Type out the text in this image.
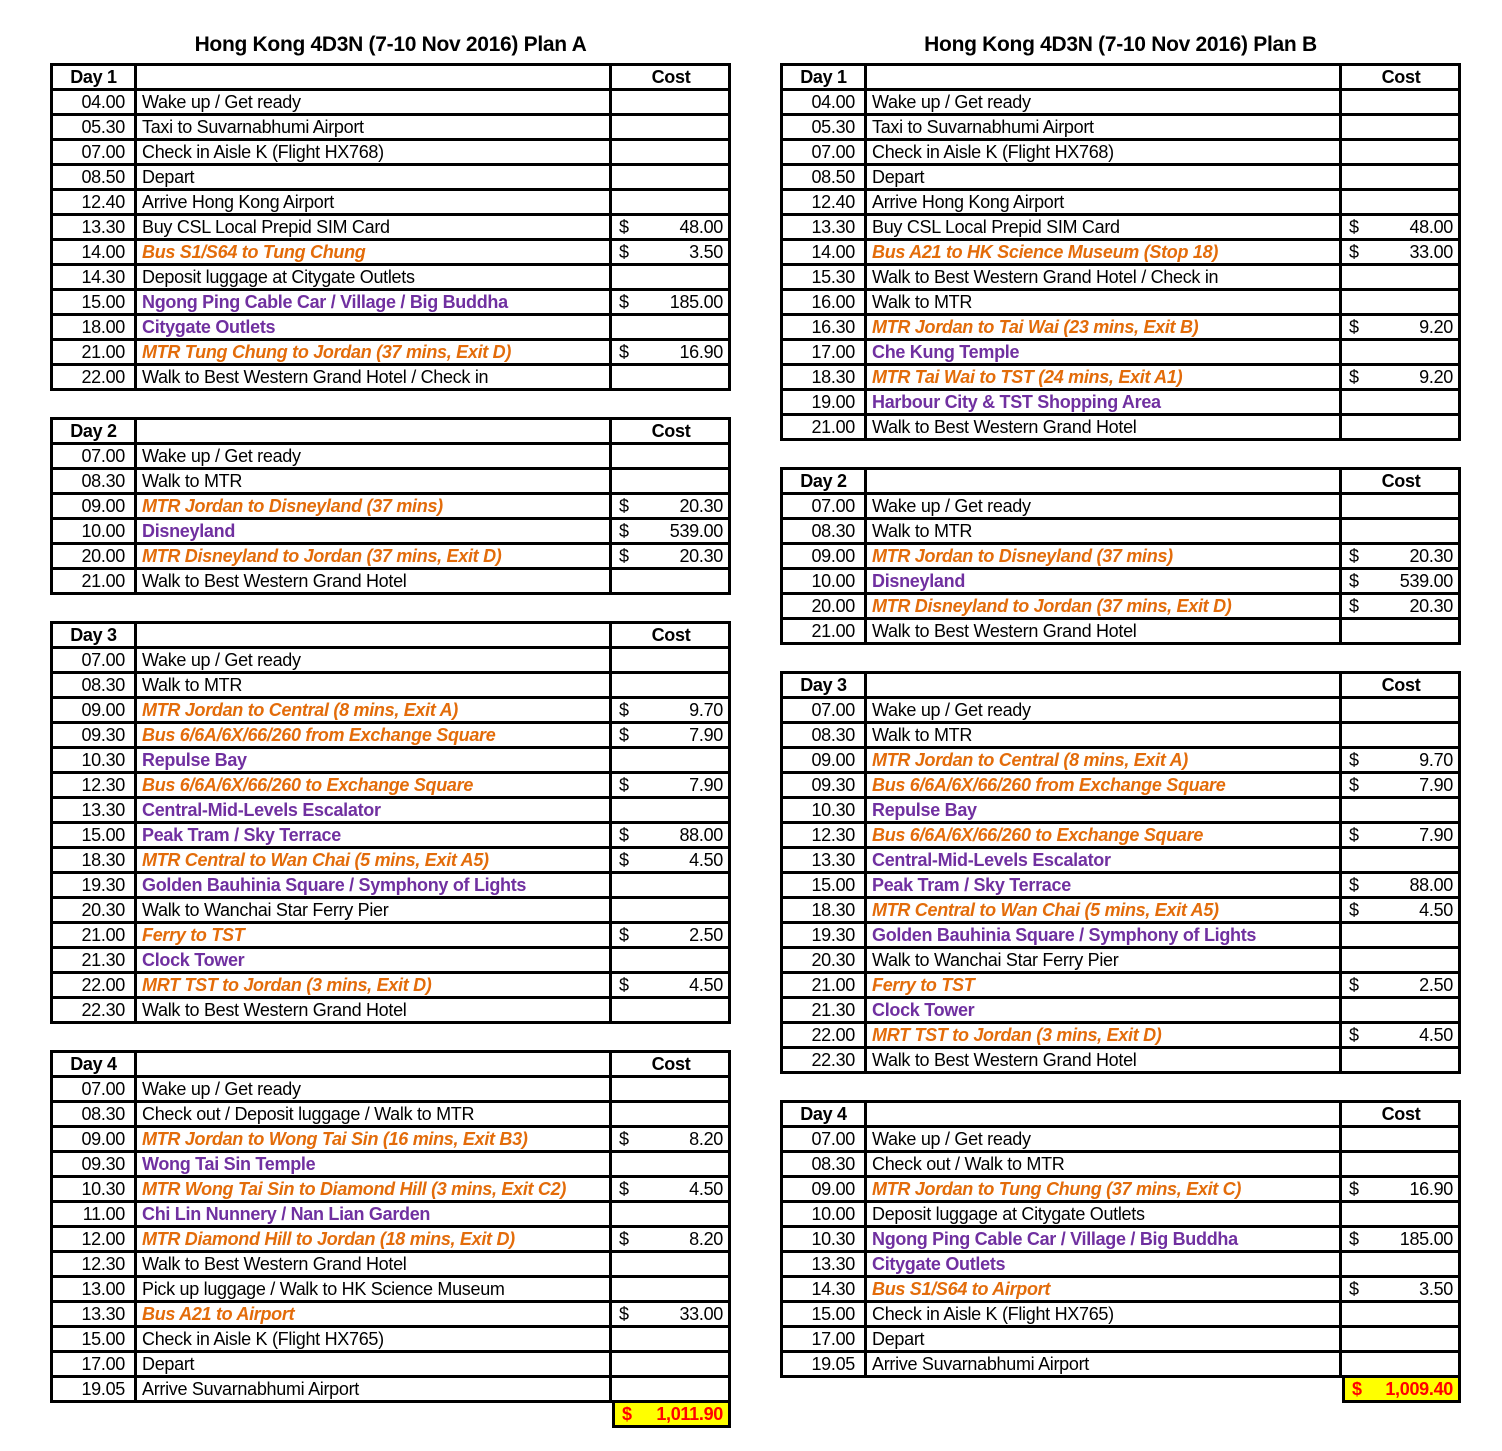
Hong Kong 4D3N (7-10 Nov 2016) Plan A
Day 1	Cost
04.00 Wake up / Get ready
05.30 Taxi to Suvarnabhumi Airport
07.00 Check in Aisle K (Flight HX768)
08.50 Depart
12.40 Arrive Hong Kong Airport
13.30 Buy CSL Local Prepid SIM Card	$	48.00
14.00 Bus S1/S64 to Tung Chung	$	3.50
14.30 Deposit luggage at Citygate Outlets
15.00 Ngong Ping Cable Car / Village / Big Buddha	$ 185.00
18.00 Citygate Outlets
21.00 MTR Tung Chung to Jordan (37 mins, Exit D)	$	16.90
22.00 Walk to Best Western Grand Hotel / Check in
Day 2	Cost
07.00 Wake up / Get ready
08.30 Walk to MTR
09.00 MTR Jordan to Disneyland (37 mins)	$	20.30
10.00 Disneyland	$ 539.00
20.00 MTR Disneyland to Jordan (37 mins, Exit D)	$	20.30
21.00 Walk to Best Western Grand Hotel
Day 3	Cost
07.00 Wake up / Get ready
08.30 Walk to MTR
09.00 MTR Jordan to Central (8 mins, Exit A)	$	9.70
09.30 Bus 6/6A/6X/66/260 from Exchange Square	$	7.90
10.30 Repulse Bay
12.30 Bus 6/6A/6X/66/260 to Exchange Square	$	7.90
13.30 Central-Mid-Levels Escalator
15.00 Peak Tram / Sky Terrace	$	88.00
18.30 MTR Central to Wan Chai (5 mins, Exit A5)	$	4.50
19.30 Golden Bauhinia Square / Symphony of Lights
20.30 Walk to Wanchai Star Ferry Pier
21.00 Ferry to TST	$	2.50
21.30 Clock Tower
22.00 MRT TST to Jordan (3 mins, Exit D)	$	4.50
22.30 Walk to Best Western Grand Hotel
Day 4	Cost
07.00 Wake up / Get ready
08.30 Check out / Deposit luggage / Walk to MTR
09.00 MTR Jordan to Wong Tai Sin (16 mins, Exit B3)	$	8.20
09.30 Wong Tai Sin Temple
10.30 MTR Wong Tai Sin to Diamond Hill (3 mins, Exit C2)	$	4.50
11.00 Chi Lin Nunnery / Nan Lian Garden
12.00 MTR Diamond Hill to Jordan (18 mins, Exit D)	$	8.20
12.30 Walk to Best Western Grand Hotel
13.00 Pick up luggage / Walk to HK Science Museum
13.30 Bus A21 to Airport	$	33.00
15.00 Check in Aisle K (Flight HX765)
17.00 Depart
19.05 Arrive Suvarnabhumi Airport
$ 1,011.90
Hong Kong 4D3N (7-10 Nov 2016) Plan B
Day 1	Cost
04.00 Wake up / Get ready
05.30 Taxi to Suvarnabhumi Airport
07.00 Check in Aisle K (Flight HX768)
08.50 Depart
12.40 Arrive Hong Kong Airport
13.30 Buy CSL Local Prepid SIM Card	$	48.00
14.00 Bus A21 to HK Science Museum (Stop 18)	$	33.00
15.30 Walk to Best Western Grand Hotel / Check in
16.00 Walk to MTR
16.30 MTR Jordan to Tai Wai (23 mins, Exit B)	$	9.20
17.00 Che Kung Temple
18.30 MTR Tai Wai to TST (24 mins, Exit A1)	$	9.20
19.00 Harbour City & TST Shopping Area
21.00 Walk to Best Western Grand Hotel
Day 2	Cost
07.00 Wake up / Get ready
08.30 Walk to MTR
09.00 MTR Jordan to Disneyland (37 mins)	$	20.30
10.00 Disneyland	$ 539.00
20.00 MTR Disneyland to Jordan (37 mins, Exit D)	$	20.30
21.00 Walk to Best Western Grand Hotel
Day 3	Cost
07.00 Wake up / Get ready
08.30 Walk to MTR
09.00 MTR Jordan to Central (8 mins, Exit A)	$	9.70
09.30 Bus 6/6A/6X/66/260 from Exchange Square	$	7.90
10.30 Repulse Bay
12.30 Bus 6/6A/6X/66/260 to Exchange Square	$	7.90
13.30 Central-Mid-Levels Escalator
15.00 Peak Tram / Sky Terrace	$	88.00
18.30 MTR Central to Wan Chai (5 mins, Exit A5)	$	4.50
19.30 Golden Bauhinia Square / Symphony of Lights
20.30 Walk to Wanchai Star Ferry Pier
21.00 Ferry to TST	$	2.50
21.30 Clock Tower
22.00 MRT TST to Jordan (3 mins, Exit D)	$	4.50
22.30 Walk to Best Western Grand Hotel
Day 4	Cost
07.00 Wake up / Get ready
08.30 Check out / Walk to MTR
09.00 MTR Jordan to Tung Chung (37 mins, Exit C)	$	16.90
10.00 Deposit luggage at Citygate Outlets
10.30 Ngong Ping Cable Car / Village / Big Buddha	$ 185.00
13.30 Citygate Outlets
14.30 Bus S1/S64 to Airport	$	3.50
15.00 Check in Aisle K (Flight HX765)
17.00 Depart
19.05 Arrive Suvarnabhumi Airport
$ 1,009.40
